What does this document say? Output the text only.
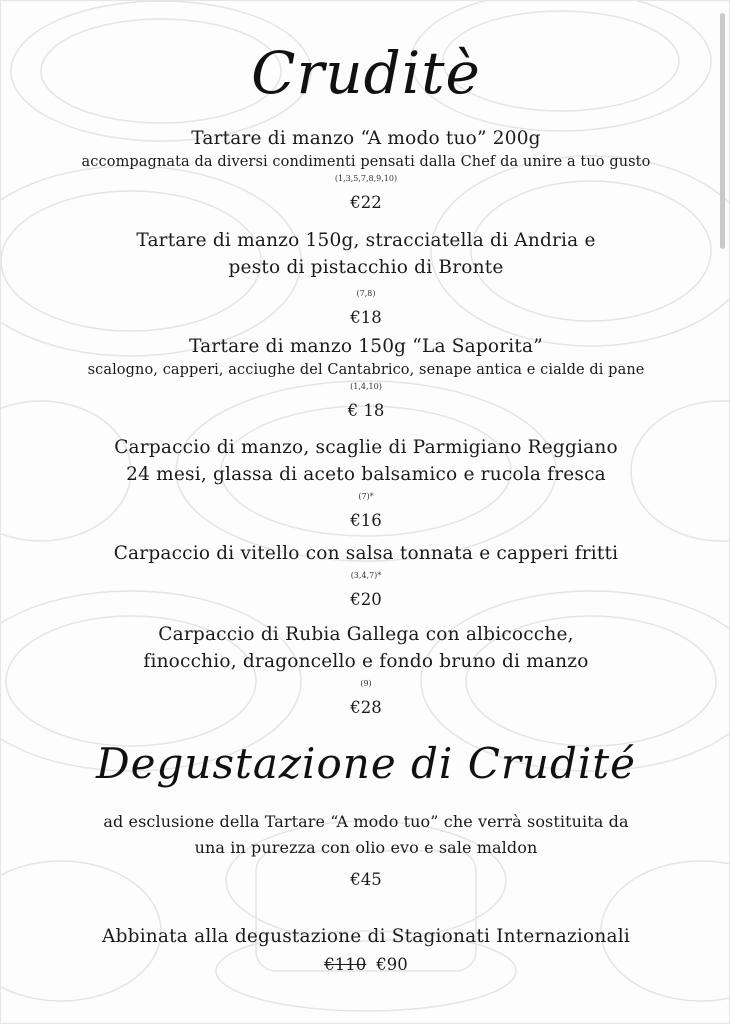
Cruditè
Tartare di manzo “A modo tuo” 200g
accompagnata da diversi condimenti pensati dalla Chef da unire a tuo gusto
(1,3,5,7,8,9,10)
€22
Tartare di manzo 150g, stracciatella di Andria e
pesto di pistacchio di Bronte
(7,8)
€18
Tartare di manzo 150g “La Saporita”
scalogno, capperi, acciughe del Cantabrico, senape antica e cialde di pane
(1,4,10)
€ 18
Carpaccio di manzo, scaglie di Parmigiano Reggiano
24 mesi, glassa di aceto balsamico e rucola fresca
(7)*
€16
Carpaccio di vitello con salsa tonnata e capperi fritti
(3,4,7)*
€20
Carpaccio di Rubia Gallega con albicocche,
finocchio, dragoncello e fondo bruno di manzo
(9)
€28
Degustazione di Crudité
ad esclusione della Tartare “A modo tuo” che verrà sostituita da
una in purezza con olio evo e sale maldon
€45
Abbinata alla degustazione di Stagionati Internazionali
€110 €90
